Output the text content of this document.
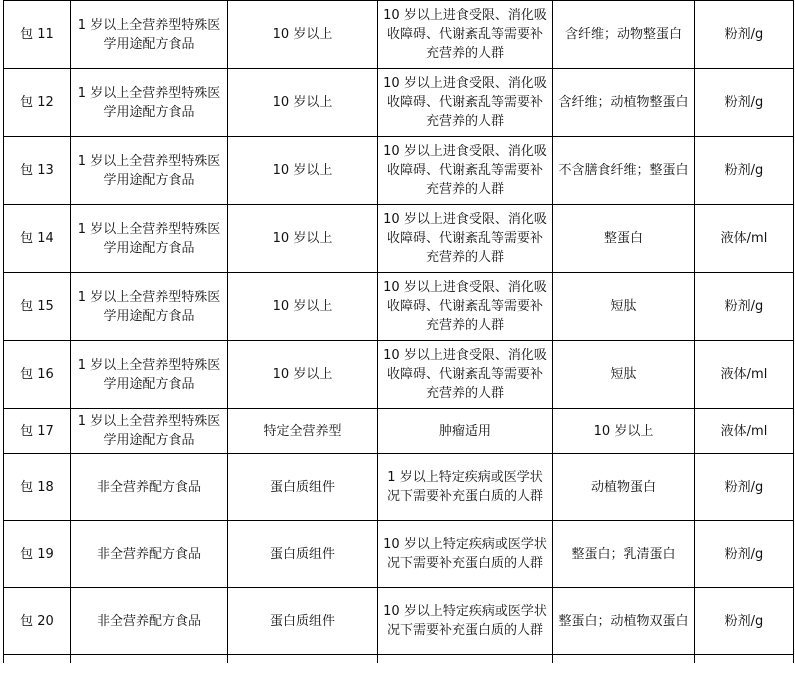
包 11	1 岁以上全营养型特殊医学用途配方食品	10 岁以上	10 岁以上进食受限、消化吸收障碍、代谢紊乱等需要补充营养的人群	含纤维；动物整蛋白	粉剂/g
包 12	1 岁以上全营养型特殊医学用途配方食品	10 岁以上	10 岁以上进食受限、消化吸收障碍、代谢紊乱等需要补充营养的人群	含纤维；动植物整蛋白	粉剂/g
包 13	1 岁以上全营养型特殊医学用途配方食品	10 岁以上	10 岁以上进食受限、消化吸收障碍、代谢紊乱等需要补充营养的人群	不含膳食纤维；整蛋白	粉剂/g
包 14	1 岁以上全营养型特殊医学用途配方食品	10 岁以上	10 岁以上进食受限、消化吸收障碍、代谢紊乱等需要补充营养的人群	整蛋白	液体/ml
包 15	1 岁以上全营养型特殊医学用途配方食品	10 岁以上	10 岁以上进食受限、消化吸收障碍、代谢紊乱等需要补充营养的人群	短肽	粉剂/g
包 16	1 岁以上全营养型特殊医学用途配方食品	10 岁以上	10 岁以上进食受限、消化吸收障碍、代谢紊乱等需要补充营养的人群	短肽	液体/ml
包 17	1 岁以上全营养型特殊医学用途配方食品	特定全营养型	肿瘤适用	10 岁以上	液体/ml
包 18	非全营养配方食品	蛋白质组件	1 岁以上特定疾病或医学状况下需要补充蛋白质的人群	动植物蛋白	粉剂/g
包 19	非全营养配方食品	蛋白质组件	10 岁以上特定疾病或医学状况下需要补充蛋白质的人群	整蛋白；乳清蛋白	粉剂/g
包 20	非全营养配方食品	蛋白质组件	10 岁以上特定疾病或医学状况下需要补充蛋白质的人群	整蛋白；动植物双蛋白	粉剂/g
